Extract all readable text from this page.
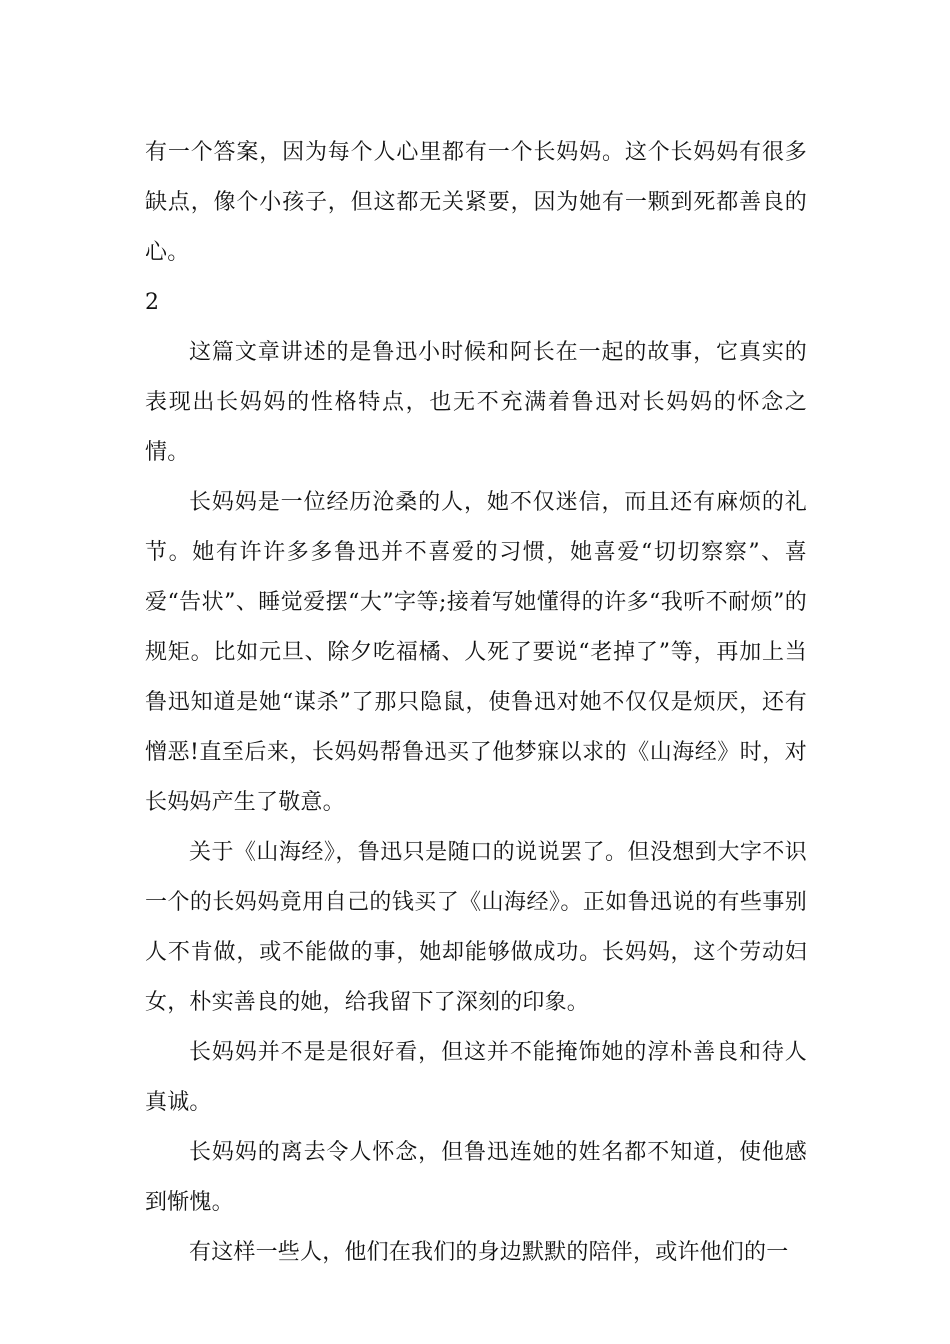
有一个答案，因为每个人心里都有一个长妈妈。这个长妈妈有很多缺点，像个小孩子，但这都无关紧要，因为她有一颗到死都善良的心。

2

这篇文章讲述的是鲁迅小时候和阿长在一起的故事，它真实的表现出长妈妈的性格特点，也无不充满着鲁迅对长妈妈的怀念之情。

长妈妈是一位经历沧桑的人，她不仅迷信，而且还有麻烦的礼节。她有许许多多鲁迅并不喜爱的习惯，她喜爱“切切察察”、喜爱“告状”、睡觉爱摆“大”字等;接着写她懂得的许多“我听不耐烦”的规矩。比如元旦、除夕吃福橘、人死了要说“老掉了”等，再加上当鲁迅知道是她“谋杀”了那只隐鼠，使鲁迅对她不仅仅是烦厌，还有憎恶!直至后来，长妈妈帮鲁迅买了他梦寐以求的《山海经》时，对长妈妈产生了敬意。

关于《山海经》，鲁迅只是随口的说说罢了。但没想到大字不识一个的长妈妈竟用自己的钱买了《山海经》。正如鲁迅说的有些事别人不肯做，或不能做的事，她却能够做成功。长妈妈，这个劳动妇女，朴实善良的她，给我留下了深刻的印象。

长妈妈并不是是很好看，但这并不能掩饰她的淳朴善良和待人真诚。

长妈妈的离去令人怀念，但鲁迅连她的姓名都不知道，使他感到惭愧。

有这样一些人，他们在我们的身边默默的陪伴，或许他们的一
